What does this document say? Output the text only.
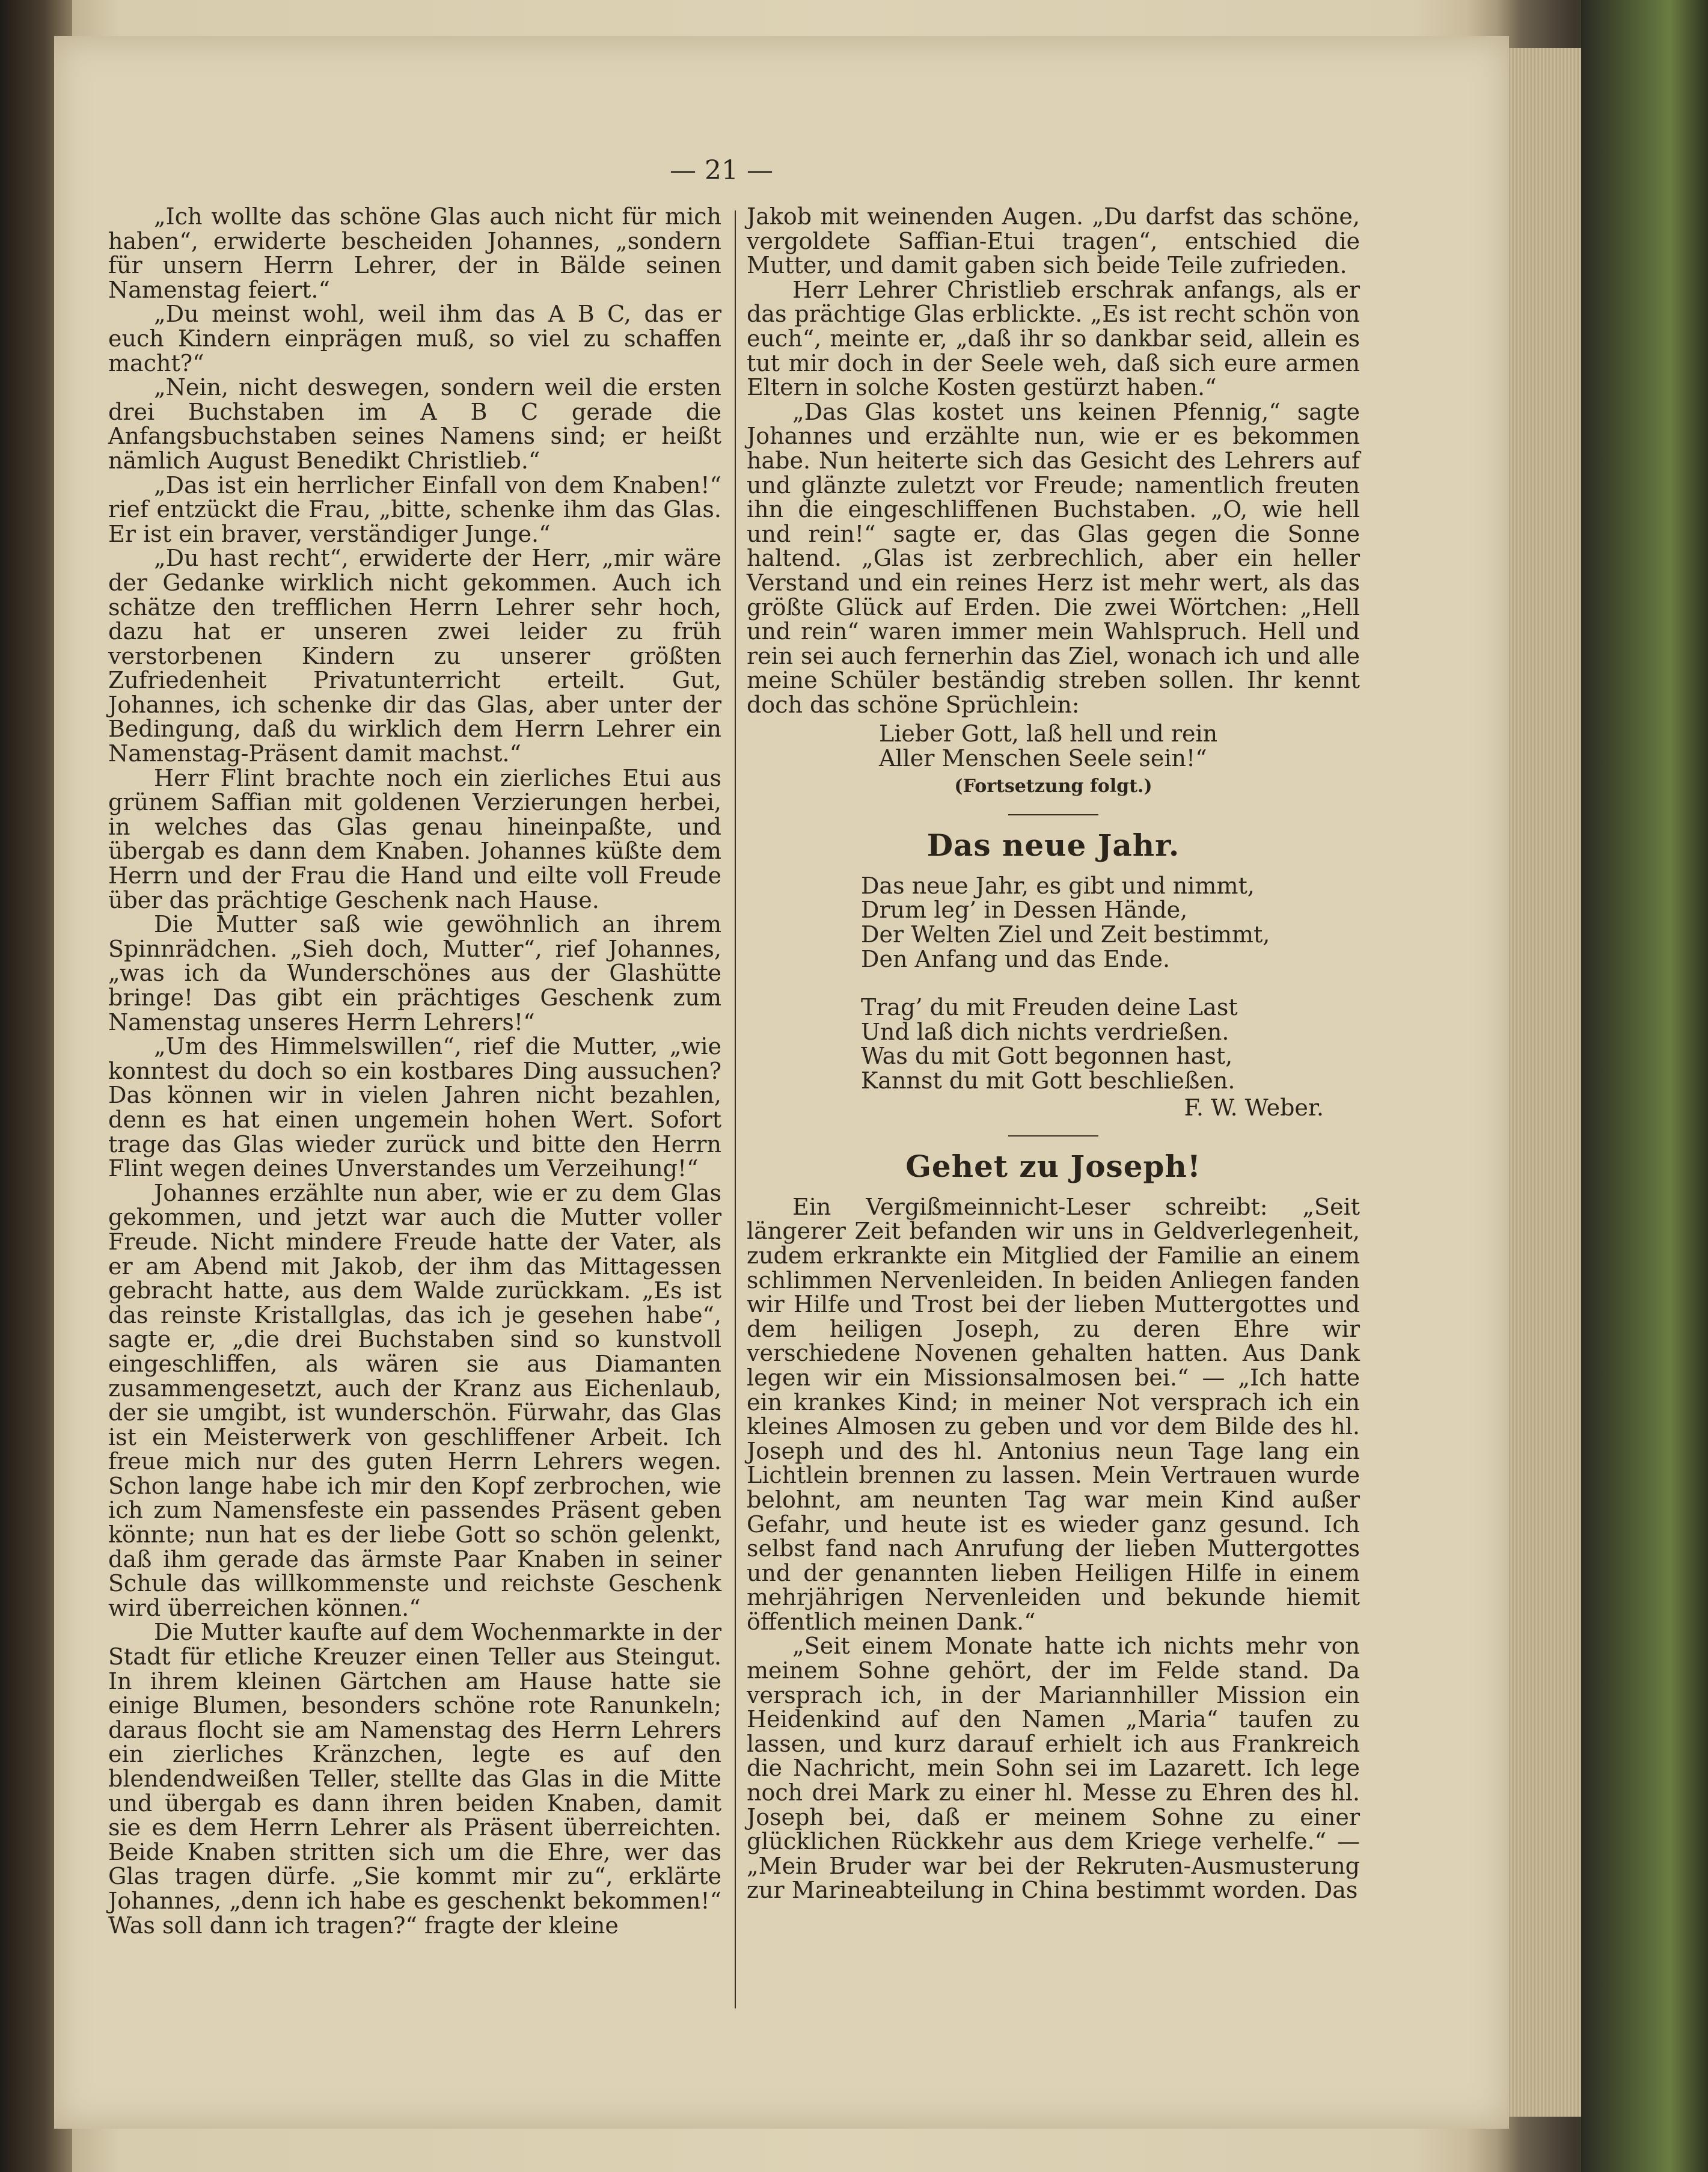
— 21 —

„Ich wollte das schöne Glas auch nicht für mich haben“, erwiderte bescheiden Johannes, „sondern für unsern Herrn Lehrer, der in Bälde seinen Namenstag feiert.“

„Du meinst wohl, weil ihm das A B C, das er euch Kindern einprägen muß, so viel zu schaffen macht?“

„Nein, nicht deswegen, sondern weil die ersten drei Buchstaben im A B C gerade die Anfangsbuchstaben seines Namens sind; er heißt nämlich August Benedikt Christlieb.“

„Das ist ein herrlicher Einfall von dem Knaben!“ rief entzückt die Frau, „bitte, schenke ihm das Glas. Er ist ein braver, verständiger Junge.“

„Du hast recht“, erwiderte der Herr, „mir wäre der Gedanke wirklich nicht gekommen. Auch ich schätze den trefflichen Herrn Lehrer sehr hoch, dazu hat er unseren zwei leider zu früh verstorbenen Kindern zu unserer größten Zufriedenheit Privatunterricht erteilt. Gut, Johannes, ich schenke dir das Glas, aber unter der Bedingung, daß du wirklich dem Herrn Lehrer ein Namenstag-Präsent damit machst.“

Herr Flint brachte noch ein zierliches Etui aus grünem Saffian mit goldenen Verzierungen herbei, in welches das Glas genau hineinpaßte, und übergab es dann dem Knaben. Johannes küßte dem Herrn und der Frau die Hand und eilte voll Freude über das prächtige Geschenk nach Hause.

Die Mutter saß wie gewöhnlich an ihrem Spinnrädchen. „Sieh doch, Mutter“, rief Johannes, „was ich da Wunderschönes aus der Glashütte bringe! Das gibt ein prächtiges Geschenk zum Namenstag unseres Herrn Lehrers!“

„Um des Himmelswillen“, rief die Mutter, „wie konntest du doch so ein kostbares Ding aussuchen? Das können wir in vielen Jahren nicht bezahlen, denn es hat einen ungemein hohen Wert. Sofort trage das Glas wieder zurück und bitte den Herrn Flint wegen deines Unverstandes um Verzeihung!“

Johannes erzählte nun aber, wie er zu dem Glas gekommen, und jetzt war auch die Mutter voller Freude. Nicht mindere Freude hatte der Vater, als er am Abend mit Jakob, der ihm das Mittagessen gebracht hatte, aus dem Walde zurückkam. „Es ist das reinste Kristallglas, das ich je gesehen habe“, sagte er, „die drei Buchstaben sind so kunstvoll eingeschliffen, als wären sie aus Diamanten zusammengesetzt, auch der Kranz aus Eichenlaub, der sie umgibt, ist wunderschön. Fürwahr, das Glas ist ein Meisterwerk von geschliffener Arbeit. Ich freue mich nur des guten Herrn Lehrers wegen. Schon lange habe ich mir den Kopf zerbrochen, wie ich zum Namensfeste ein passendes Präsent geben könnte; nun hat es der liebe Gott so schön gelenkt, daß ihm gerade das ärmste Paar Knaben in seiner Schule das willkommenste und reichste Geschenk wird überreichen können.“

Die Mutter kaufte auf dem Wochenmarkte in der Stadt für etliche Kreuzer einen Teller aus Steingut. In ihrem kleinen Gärtchen am Hause hatte sie einige Blumen, besonders schöne rote Ranunkeln; daraus flocht sie am Namenstag des Herrn Lehrers ein zierliches Kränzchen, legte es auf den blendendweißen Teller, stellte das Glas in die Mitte und übergab es dann ihren beiden Knaben, damit sie es dem Herrn Lehrer als Präsent überreichten. Beide Knaben stritten sich um die Ehre, wer das Glas tragen dürfe. „Sie kommt mir zu“, erklärte Johannes, „denn ich habe es geschenkt bekommen!“ Was soll dann ich tragen?“ fragte der kleine

Jakob mit weinenden Augen. „Du darfst das schöne, vergoldete Saffian-Etui tragen“, entschied die Mutter, und damit gaben sich beide Teile zufrieden.

Herr Lehrer Christlieb erschrak anfangs, als er das prächtige Glas erblickte. „Es ist recht schön von euch“, meinte er, „daß ihr so dankbar seid, allein es tut mir doch in der Seele weh, daß sich eure armen Eltern in solche Kosten gestürzt haben.“

„Das Glas kostet uns keinen Pfennig,“ sagte Johannes und erzählte nun, wie er es bekommen habe. Nun heiterte sich das Gesicht des Lehrers auf und glänzte zuletzt vor Freude; namentlich freuten ihn die eingeschliffenen Buchstaben. „O, wie hell und rein!“ sagte er, das Glas gegen die Sonne haltend. „Glas ist zerbrechlich, aber ein heller Verstand und ein reines Herz ist mehr wert, als das größte Glück auf Erden. Die zwei Wörtchen: „Hell und rein“ waren immer mein Wahlspruch. Hell und rein sei auch fernerhin das Ziel, wonach ich und alle meine Schüler beständig streben sollen. Ihr kennt doch das schöne Sprüchlein:

Lieber Gott, laß hell und rein
Aller Menschen Seele sein!“
(Fortsetzung folgt.)
Das neue Jahr.
Das neue Jahr, es gibt und nimmt,
Drum leg’ in Dessen Hände,
Der Welten Ziel und Zeit bestimmt,
Den Anfang und das Ende.
Trag’ du mit Freuden deine Last
Und laß dich nichts verdrießen.
Was du mit Gott begonnen hast,
Kannst du mit Gott beschließen.
F. W. Weber.
Gehet zu Joseph!

Ein Vergißmeinnicht-Leser schreibt: „Seit längerer Zeit befanden wir uns in Geldverlegenheit, zudem erkrankte ein Mitglied der Familie an einem schlimmen Nervenleiden. In beiden Anliegen fanden wir Hilfe und Trost bei der lieben Muttergottes und dem heiligen Joseph, zu deren Ehre wir verschiedene Novenen gehalten hatten. Aus Dank legen wir ein Missionsalmosen bei.“ — „Ich hatte ein krankes Kind; in meiner Not versprach ich ein kleines Almosen zu geben und vor dem Bilde des hl. Joseph und des hl. Antonius neun Tage lang ein Lichtlein brennen zu lassen. Mein Vertrauen wurde belohnt, am neunten Tag war mein Kind außer Gefahr, und heute ist es wieder ganz gesund. Ich selbst fand nach Anrufung der lieben Muttergottes und der genannten lieben Heiligen Hilfe in einem mehrjährigen Nervenleiden und bekunde hiemit öffentlich meinen Dank.“

„Seit einem Monate hatte ich nichts mehr von meinem Sohne gehört, der im Felde stand. Da versprach ich, in der Mariannhiller Mission ein Heidenkind auf den Namen „Maria“ taufen zu lassen, und kurz darauf erhielt ich aus Frankreich die Nachricht, mein Sohn sei im Lazarett. Ich lege noch drei Mark zu einer hl. Messe zu Ehren des hl. Joseph bei, daß er meinem Sohne zu einer glücklichen Rückkehr aus dem Kriege verhelfe.“ — „Mein Bruder war bei der Rekruten-Ausmusterung zur Marineabteilung in China bestimmt worden. Das
